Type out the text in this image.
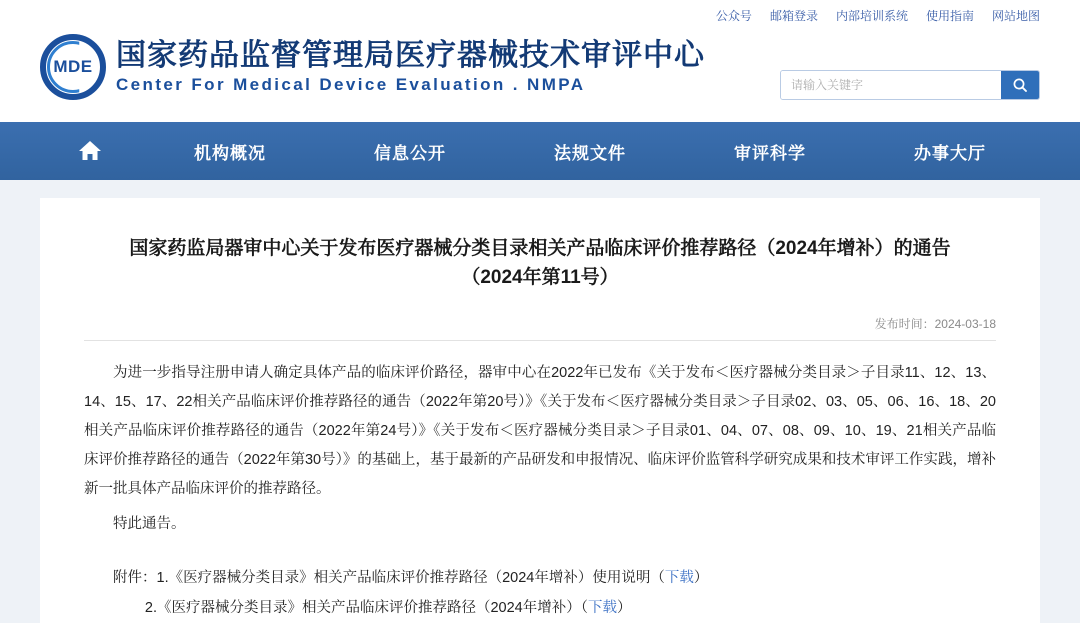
公众号 邮箱登录 内部培训系统 使用指南 网站地图
MDE 国家药品监督管理局医疗器械技术审评中心
Center For Medical Device Evaluation . NMPA
请输入关键字
机构概况	信息公开	法规文件	审评科学	办事大厅
国家药监局器审中心关于发布医疗器械分类目录相关产品临床评价推荐路径（2024年增补）的通告
（2024年第11号）
发布时间：2024-03-18

为进一步指导注册申请人确定具体产品的临床评价路径，器审中心在2022年已发布《关于发布＜医疗器械分类目录＞子目录11、12、13、14、15、17、22相关产品临床评价推荐路径的通告（2022年第20号）》《关于发布＜医疗器械分类目录＞子目录02、03、05、06、16、18、20相关产品临床评价推荐路径的通告（2022年第24号）》《关于发布＜医疗器械分类目录＞子目录01、04、07、08、09、10、19、21相关产品临床评价推荐路径的通告（2022年第30号）》的基础上，基于最新的产品研发和申报情况、临床评价监管科学研究成果和技术审评工作实践，增补新一批具体产品临床评价的推荐路径。

特此通告。

附件：1.《医疗器械分类目录》相关产品临床评价推荐路径（2024年增补）使用说明（下载）
2.《医疗器械分类目录》相关产品临床评价推荐路径（2024年增补）（下载）
